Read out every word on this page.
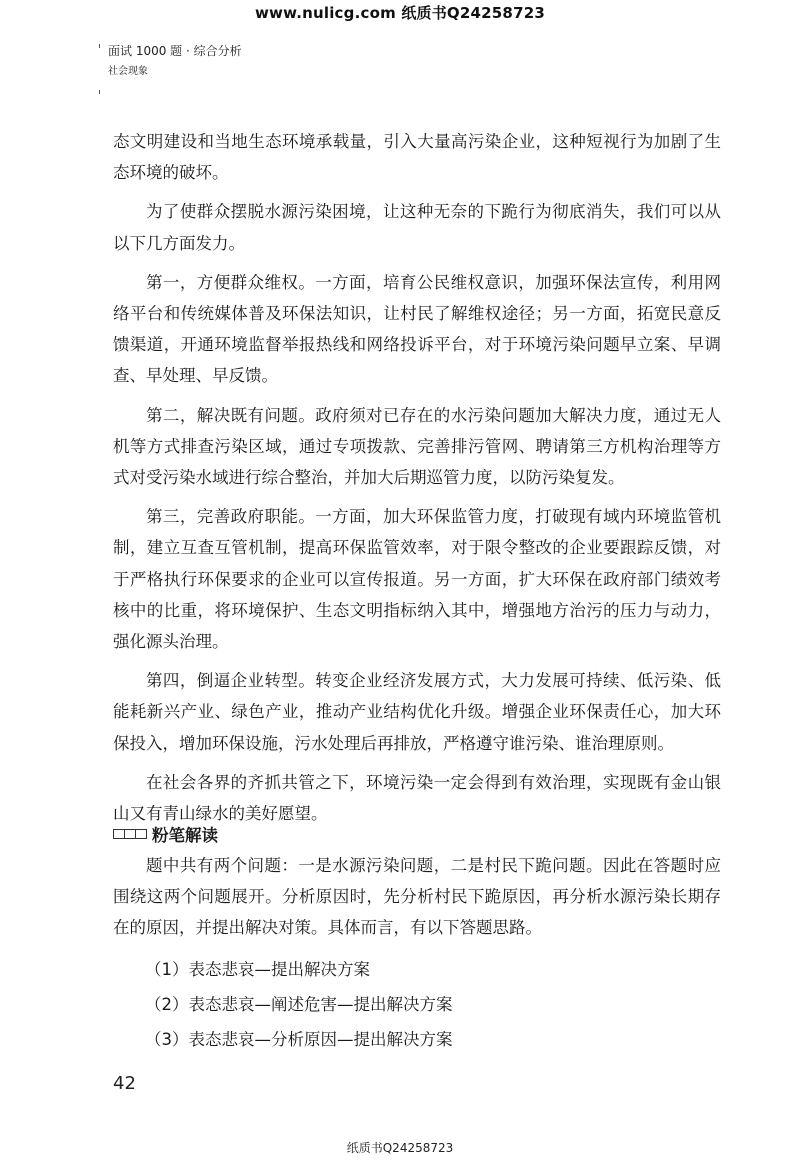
www.nulicg.com 纸质书Q24258723
面试 1000 题 · 综合分析
社会现象

态文明建设和当地生态环境承载量，引入大量高污染企业，这种短视行为加剧了生态环境的破坏。

为了使群众摆脱水源污染困境，让这种无奈的下跪行为彻底消失，我们可以从以下几方面发力。

第一，方便群众维权。一方面，培育公民维权意识，加强环保法宣传，利用网络平台和传统媒体普及环保法知识，让村民了解维权途径；另一方面，拓宽民意反馈渠道，开通环境监督举报热线和网络投诉平台，对于环境污染问题早立案、早调查、早处理、早反馈。

第二，解决既有问题。政府须对已存在的水污染问题加大解决力度，通过无人机等方式排查污染区域，通过专项拨款、完善排污管网、聘请第三方机构治理等方式对受污染水域进行综合整治，并加大后期巡管力度，以防污染复发。

第三，完善政府职能。一方面，加大环保监管力度，打破现有域内环境监管机制，建立互查互管机制，提高环保监管效率，对于限令整改的企业要跟踪反馈，对于严格执行环保要求的企业可以宣传报道。另一方面，扩大环保在政府部门绩效考核中的比重，将环境保护、生态文明指标纳入其中，增强地方治污的压力与动力，强化源头治理。

第四，倒逼企业转型。转变企业经济发展方式，大力发展可持续、低污染、低能耗新兴产业、绿色产业，推动产业结构优化升级。增强企业环保责任心，加大环保投入，增加环保设施，污水处理后再排放，严格遵守谁污染、谁治理原则。

在社会各界的齐抓共管之下，环境污染一定会得到有效治理，实现既有金山银山又有青山绿水的美好愿望。

粉笔解读

题中共有两个问题：一是水源污染问题，二是村民下跪问题。因此在答题时应围绕这两个问题展开。分析原因时，先分析村民下跪原因，再分析水源污染长期存在的原因，并提出解决对策。具体而言，有以下答题思路。

（1）表态悲哀—提出解决方案
（2）表态悲哀—阐述危害—提出解决方案
（3）表态悲哀—分析原因—提出解决方案
42
纸质书Q24258723
